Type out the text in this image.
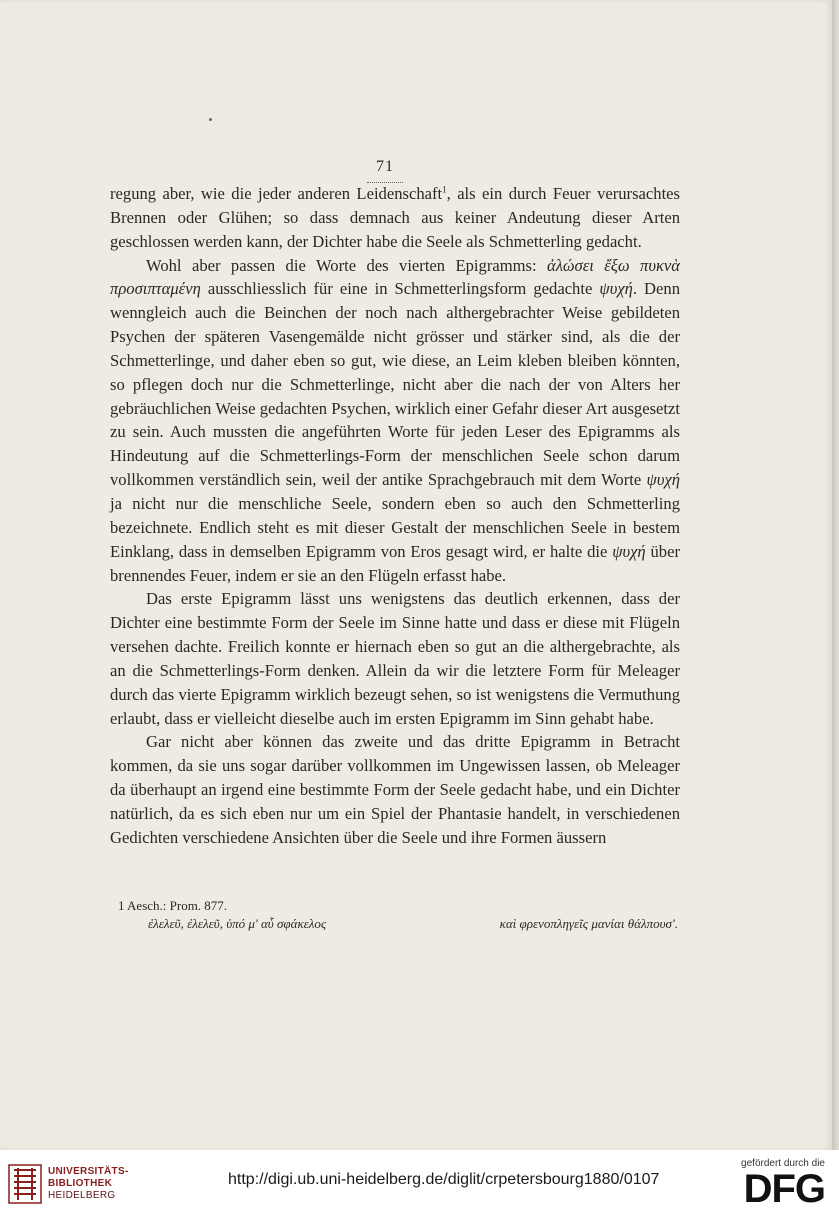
71

regung aber, wie die jeder anderen Leidenschaft$^1$, als ein durch Feuer verursachtes Brennen oder Glühen; so dass demnach aus keiner Andeutung dieser Arten geschlossen werden kann, der Dichter habe die Seele als Schmetterling gedacht.

Wohl aber passen die Worte des vierten Epigramms: ἀλώσει ἔξω πυκνὰ προσιπταμένη ausschliesslich für eine in Schmetterlingsform gedachte ψυχή. Denn wenngleich auch die Beinchen der noch nach althergebrachter Weise gebildeten Psychen der späteren Vasengemälde nicht grösser und stärker sind, als die der Schmetterlinge, und daher eben so gut, wie diese, an Leim kleben bleiben könnten, so pflegen doch nur die Schmetterlinge, nicht aber die nach der von Alters her gebräuchlichen Weise gedachten Psychen, wirklich einer Gefahr dieser Art ausgesetzt zu sein. Auch mussten die angeführten Worte für jeden Leser des Epigramms als Hindeutung auf die Schmetterlings-Form der menschlichen Seele schon darum vollkommen verständlich sein, weil der antike Sprachgebrauch mit dem Worte ψυχή ja nicht nur die menschliche Seele, sondern eben so auch den Schmetterling bezeichnete. Endlich steht es mit dieser Gestalt der menschlichen Seele in bestem Einklang, dass in demselben Epigramm von Eros gesagt wird, er halte die ψυχή über brennendes Feuer, indem er sie an den Flügeln erfasst habe.

Das erste Epigramm lässt uns wenigstens das deutlich erkennen, dass der Dichter eine bestimmte Form der Seele im Sinne hatte und dass er diese mit Flügeln versehen dachte. Freilich konnte er hiernach eben so gut an die althergebrachte, als an die Schmetterlings-Form denken. Allein da wir die letztere Form für Meleager durch das vierte Epigramm wirklich bezeugt sehen, so ist wenigstens die Vermuthung erlaubt, dass er vielleicht dieselbe auch im ersten Epigramm im Sinn gehabt habe.

Gar nicht aber können das zweite und das dritte Epigramm in Betracht kommen, da sie uns sogar darüber vollkommen im Ungewissen lassen, ob Meleager da überhaupt an irgend eine bestimmte Form der Seele gedacht habe, und ein Dichter natürlich, da es sich eben nur um ein Spiel der Phantasie handelt, in verschiedenen Gedichten verschiedene Ansichten über die Seele und ihre Formen äussern

1 Aesch.: Prom. 877.
ἐλελεῦ, ἐλελεῦ, ὑπό μ' αὖ σφάκελος	καὶ φρενοπληγεῖς μανίαι θάλπουσ'.
UNIVERSITÄTS-
BIBLIOTHEK
HEIDELBERG
http://digi.ub.uni-heidelberg.de/diglit/crpetersbourg1880/0107
gefördert durch die
DFG
